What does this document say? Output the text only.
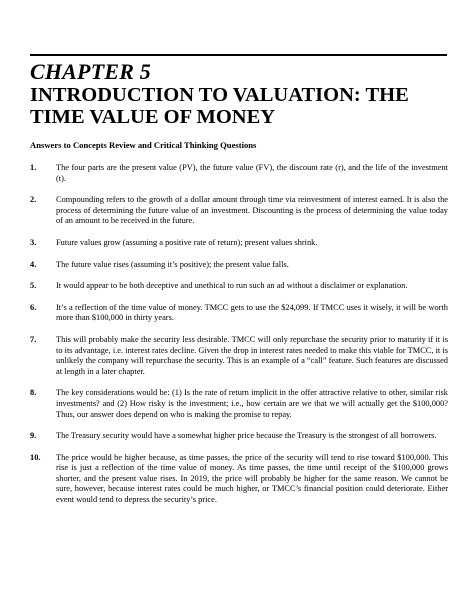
CHAPTER 5
INTRODUCTION TO VALUATION: THE TIME VALUE OF MONEY
Answers to Concepts Review and Critical Thinking Questions
1. The four parts are the present value (PV), the future value (FV), the discount rate (r), and the life of the investment (t).
2. Compounding refers to the growth of a dollar amount through time via reinvestment of interest earned. It is also the process of determining the future value of an investment. Discounting is the process of determining the value today of an amount to be received in the future.
3. Future values grow (assuming a positive rate of return); present values shrink.
4. The future value rises (assuming it’s positive); the present value falls.
5. It would appear to be both deceptive and unethical to run such an ad without a disclaimer or explanation.
6. It’s a reflection of the time value of money. TMCC gets to use the $24,099. If TMCC uses it wisely, it will be worth more than $100,000 in thirty years.
7. This will probably make the security less desirable. TMCC will only repurchase the security prior to maturity if it is to its advantage, i.e. interest rates decline. Given the drop in interest rates needed to make this viable for TMCC, it is unlikely the company will repurchase the security. This is an example of a “call” feature. Such features are discussed at length in a later chapter.
8. The key considerations would be: (1) Is the rate of return implicit in the offer attractive relative to other, similar risk investments? and (2) How risky is the investment; i.e., how certain are we that we will actually get the $100,000? Thus, our answer does depend on who is making the promise to repay.
9. The Treasury security would have a somewhat higher price because the Treasury is the strongest of all borrowers.
10. The price would be higher because, as time passes, the price of the security will tend to rise toward $100,000. This rise is just a reflection of the time value of money. As time passes, the time until receipt of the $100,000 grows shorter, and the present value rises. In 2019, the price will probably be higher for the same reason. We cannot be sure, however, because interest rates could be much higher, or TMCC’s financial position could deteriorate. Either event would tend to depress the security’s price.
